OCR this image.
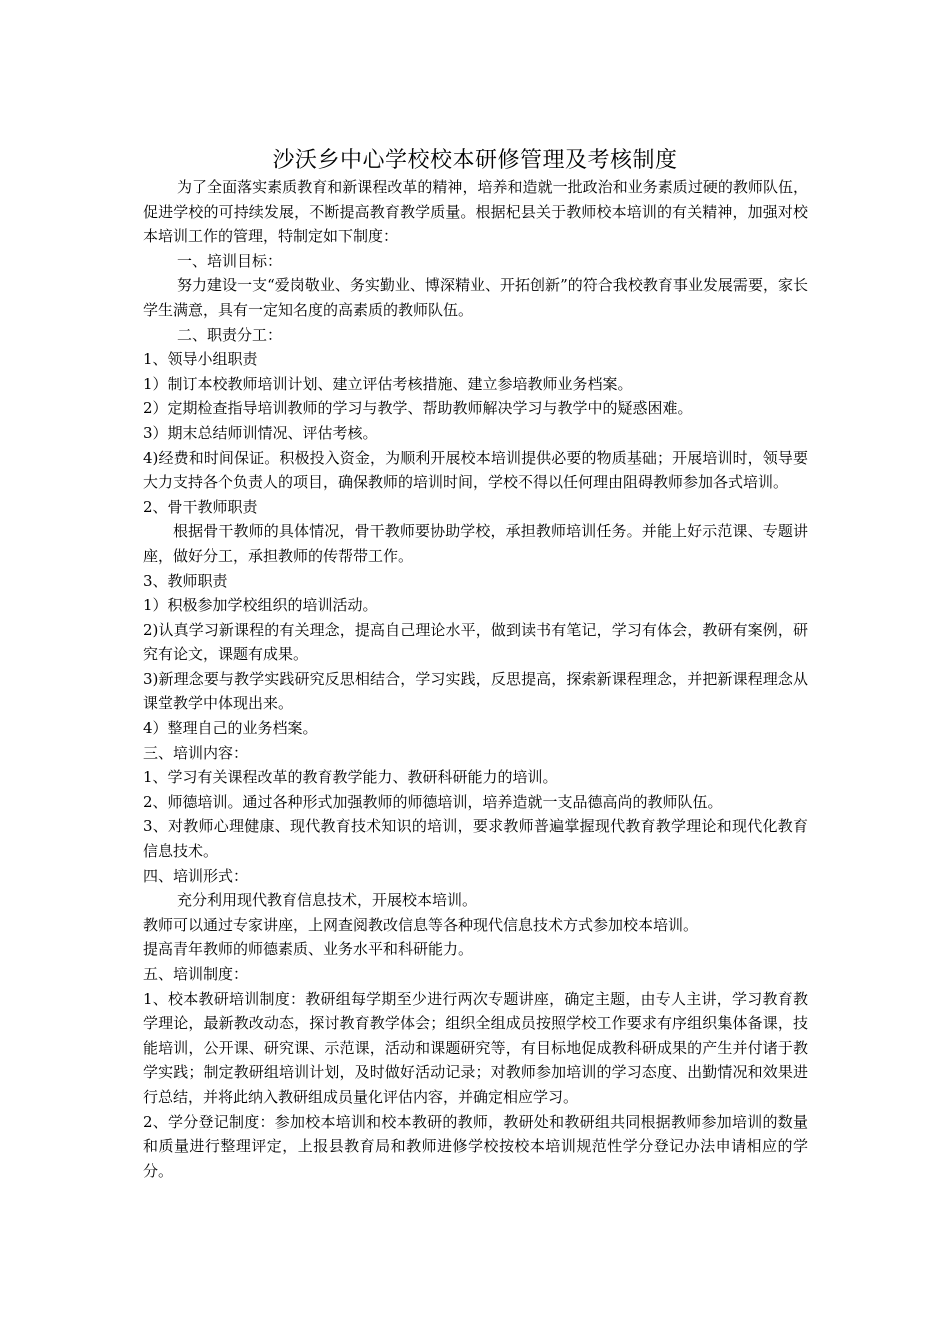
沙沃乡中心学校校本研修管理及考核制度

为了全面落实素质教育和新课程改革的精神，培养和造就一批政治和业务素质过硬的教师队伍，促进学校的可持续发展，不断提高教育教学质量。根据杞县关于教师校本培训的有关精神，加强对校本培训工作的管理，特制定如下制度：

一、培训目标：

努力建设一支“爱岗敬业、务实勤业、博深精业、开拓创新”的符合我校教育事业发展需要，家长学生满意，具有一定知名度的高素质的教师队伍。

二、职责分工：

1、领导小组职责

1）制订本校教师培训计划、建立评估考核措施、建立参培教师业务档案。

2）定期检查指导培训教师的学习与教学、帮助教师解决学习与教学中的疑惑困难。

3）期末总结师训情况、评估考核。

4)经费和时间保证。积极投入资金，为顺利开展校本培训提供必要的物质基础；开展培训时，领导要大力支持各个负责人的项目，确保教师的培训时间，学校不得以任何理由阻碍教师参加各式培训。

2、骨干教师职责

根据骨干教师的具体情况，骨干教师要协助学校，承担教师培训任务。并能上好示范课、专题讲座，做好分工，承担教师的传帮带工作。

3、教师职责

1）积极参加学校组织的培训活动。

2)认真学习新课程的有关理念，提高自己理论水平，做到读书有笔记，学习有体会，教研有案例，研究有论文，课题有成果。

3)新理念要与教学实践研究反思相结合，学习实践，反思提高，探索新课程理念，并把新课程理念从课堂教学中体现出来。

4）整理自己的业务档案。

三、培训内容：

1、学习有关课程改革的教育教学能力、教研科研能力的培训。

2、师德培训。通过各种形式加强教师的师德培训，培养造就一支品德高尚的教师队伍。

3、对教师心理健康、现代教育技术知识的培训，要求教师普遍掌握现代教育教学理论和现代化教育信息技术。

四、培训形式：

充分利用现代教育信息技术，开展校本培训。

教师可以通过专家讲座，上网查阅教改信息等各种现代信息技术方式参加校本培训。

提高青年教师的师德素质、业务水平和科研能力。

五、培训制度：

1、校本教研培训制度：教研组每学期至少进行两次专题讲座，确定主题，由专人主讲，学习教育教学理论，最新教改动态，探讨教育教学体会；组织全组成员按照学校工作要求有序组织集体备课，技能培训，公开课、研究课、示范课，活动和课题研究等，有目标地促成教科研成果的产生并付诸于教学实践；制定教研组培训计划，及时做好活动记录；对教师参加培训的学习态度、出勤情况和效果进行总结，并将此纳入教研组成员量化评估内容，并确定相应学习。

2、学分登记制度：参加校本培训和校本教研的教师，教研处和教研组共同根据教师参加培训的数量和质量进行整理评定，上报县教育局和教师进修学校按校本培训规范性学分登记办法申请相应的学分。
